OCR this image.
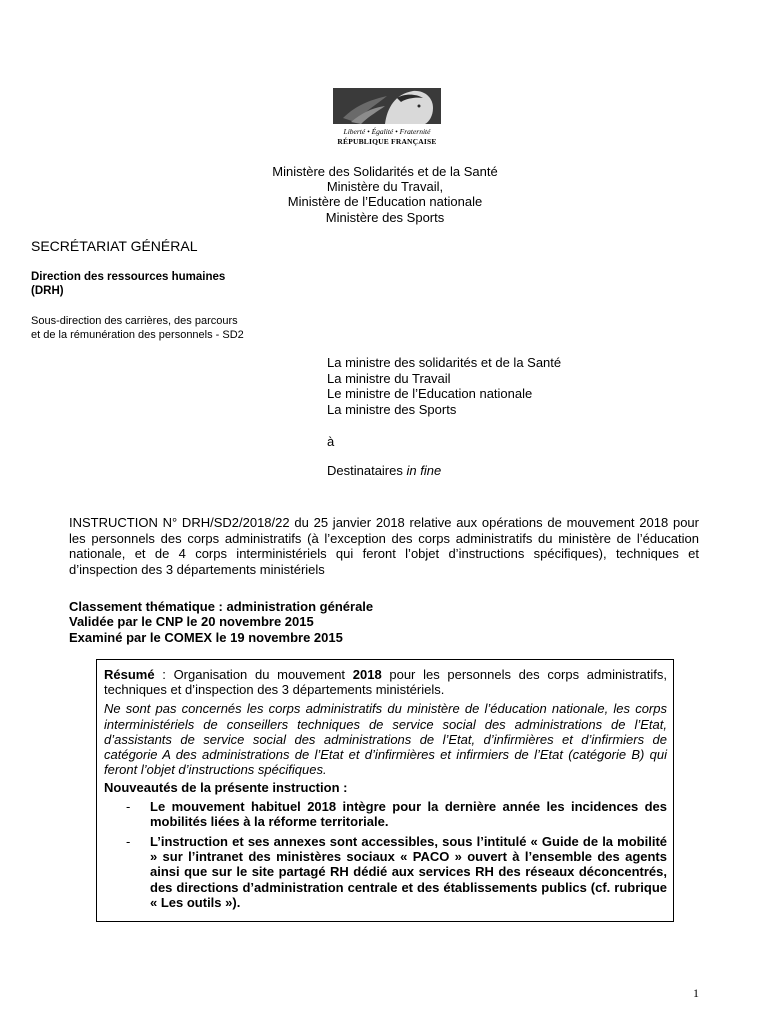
Liberté • Égalité • Fraternité
RÉPUBLIQUE FRANÇAISE
Ministère des Solidarités et de la Santé
Ministère du Travail,
Ministère de l’Education nationale
Ministère des Sports
SECRÉTARIAT GÉNÉRAL
Direction des ressources humaines
(DRH)
Sous-direction des carrières, des parcours
et de la rémunération des personnels - SD2
La ministre des solidarités et de la Santé
La ministre du Travail
Le ministre de l’Education nationale
La ministre des Sports
à
Destinataires in fine
INSTRUCTION N° DRH/SD2/2018/22 du 25 janvier 2018 relative aux opérations de mouvement 2018 pour les personnels des corps administratifs (à l’exception des corps administratifs du ministère de l’éducation nationale, et de 4 corps interministériels qui feront l’objet d’instructions spécifiques), techniques et d’inspection des 3 départements ministériels
Classement thématique : administration générale
Validée par le CNP le 20 novembre 2015
Examiné par le COMEX le 19 novembre 2015

Résumé : Organisation du mouvement 2018 pour les personnels des corps administratifs, techniques et d’inspection des 3 départements ministériels.

Ne sont pas concernés les corps administratifs du ministère de l’éducation nationale, les corps interministériels de conseillers techniques de service social des administrations de l’Etat, d’assistants de service social des administrations de l’Etat, d’infirmières et d’infirmiers de catégorie A des administrations de l’Etat et d’infirmières et infirmiers de l’Etat (catégorie B) qui feront l’objet d’instructions spécifiques.

Nouveautés de la présente instruction :

- Le mouvement habituel 2018 intègre pour la dernière année les incidences des mobilités liées à la réforme territoriale.
- L’instruction et ses annexes sont accessibles, sous l’intitulé « Guide de la mobilité » sur l’intranet des ministères sociaux « PACO » ouvert à l’ensemble des agents ainsi que sur le site partagé RH dédié aux services RH des réseaux déconcentrés, des directions d’administration centrale et des établissements publics (cf. rubrique « Les outils »).
1
